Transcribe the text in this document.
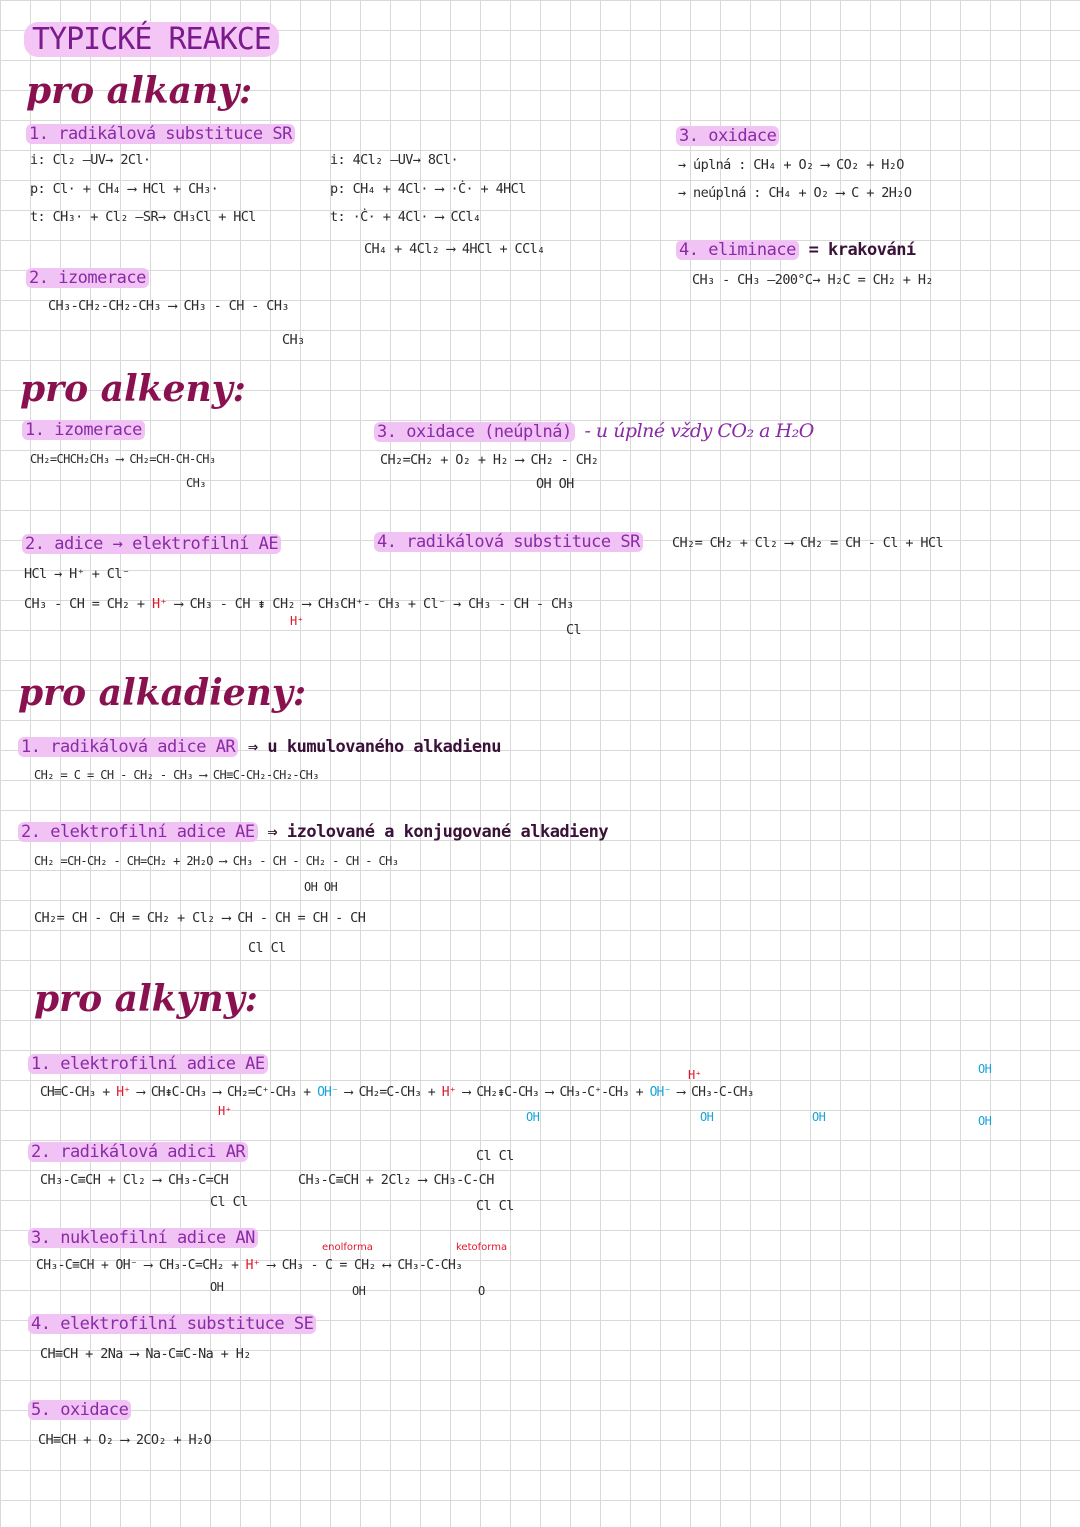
TYPICKÉ REAKCE
pro alkany:
1. radikálová substituce SR
i: Cl₂ —UV→ 2Cl·
p: Cl· + CH₄ ⟶ HCl + CH₃·
t: CH₃· + Cl₂ —SR→ CH₃Cl + HCl
i: 4Cl₂ —UV→ 8Cl·
p: CH₄ + 4Cl· ⟶ ·Ċ· + 4HCl
t: ·Ċ· + 4Cl· ⟶ CCl₄
CH₄ + 4Cl₂ ⟶ 4HCl + CCl₄
2. izomerace
CH₃-CH₂-CH₂-CH₃ ⟶ CH₃ - CH - CH₃
CH₃
3. oxidace
→ úplná : CH₄ + O₂ ⟶ CO₂ + H₂O
→ neúplná : CH₄ + O₂ ⟶ C + 2H₂O
4. eliminace = krakování
CH₃ - CH₃ —200°C→ H₂C = CH₂ + H₂
pro alkeny:
1. izomerace
CH₂=CHCH₂CH₃ ⟶ CH₂=CH-CH-CH₃
CH₃
3. oxidace (neúplná) - u úplné vždy CO₂ a H₂O
CH₂=CH₂ + O₂ + H₂ ⟶ CH₂ - CH₂
OH OH
2. adice → elektrofilní AE
HCl → H⁺ + Cl⁻
CH₃ - CH = CH₂ + H⁺ ⟶ CH₃ - CH ⇟ CH₂ ⟶ CH₃CH⁺- CH₃ + Cl⁻ → CH₃ - CH - CH₃
H⁺
Cl
4. radikálová substituce SR CH₂= CH₂ + Cl₂ ⟶ CH₂ = CH - Cl + HCl
pro alkadieny:
1. radikálová adice AR ⇒ u kumulovaného alkadienu
CH₂ = C = CH - CH₂ - CH₃ ⟶ CH≡C-CH₂-CH₂-CH₃
2. elektrofilní adice AE ⇒ izolované a konjugované alkadieny
CH₂ =CH-CH₂ - CH=CH₂ + 2H₂O ⟶ CH₃ - CH - CH₂ - CH - CH₃
OH OH
CH₂= CH - CH = CH₂ + Cl₂ ⟶ CH - CH = CH - CH
Cl Cl
pro alkyny:
1. elektrofilní adice AE
CH≡C-CH₃ + H⁺ ⟶ CH⇟C-CH₃ ⟶ CH₂=C⁺-CH₃ + OH⁻ ⟶ CH₂=C-CH₃ + H⁺ ⟶ CH₂⇟C-CH₃ ⟶ CH₃-C⁺-CH₃ + OH⁻ ⟶ CH₃-C-CH₃
H⁺
H⁺
OH	OH	OH
OH
OH
2. radikálová adici AR
CH₃-C≡CH + Cl₂ ⟶ CH₃-C=CH
Cl Cl
CH₃-C≡CH + 2Cl₂ ⟶ CH₃-C-CH
Cl Cl
Cl Cl
3. nukleofilní adice AN	enolforma	ketoforma
CH₃-C≡CH + OH⁻ ⟶ CH₃-C=CH₂ + H⁺ ⟶ CH₃ - C = CH₂ ⟷ CH₃-C-CH₃
OH	OH	O
4. elektrofilní substituce SE
CH≡CH + 2Na ⟶ Na-C≡C-Na + H₂
5. oxidace
CH≡CH + O₂ ⟶ 2CO₂ + H₂O
